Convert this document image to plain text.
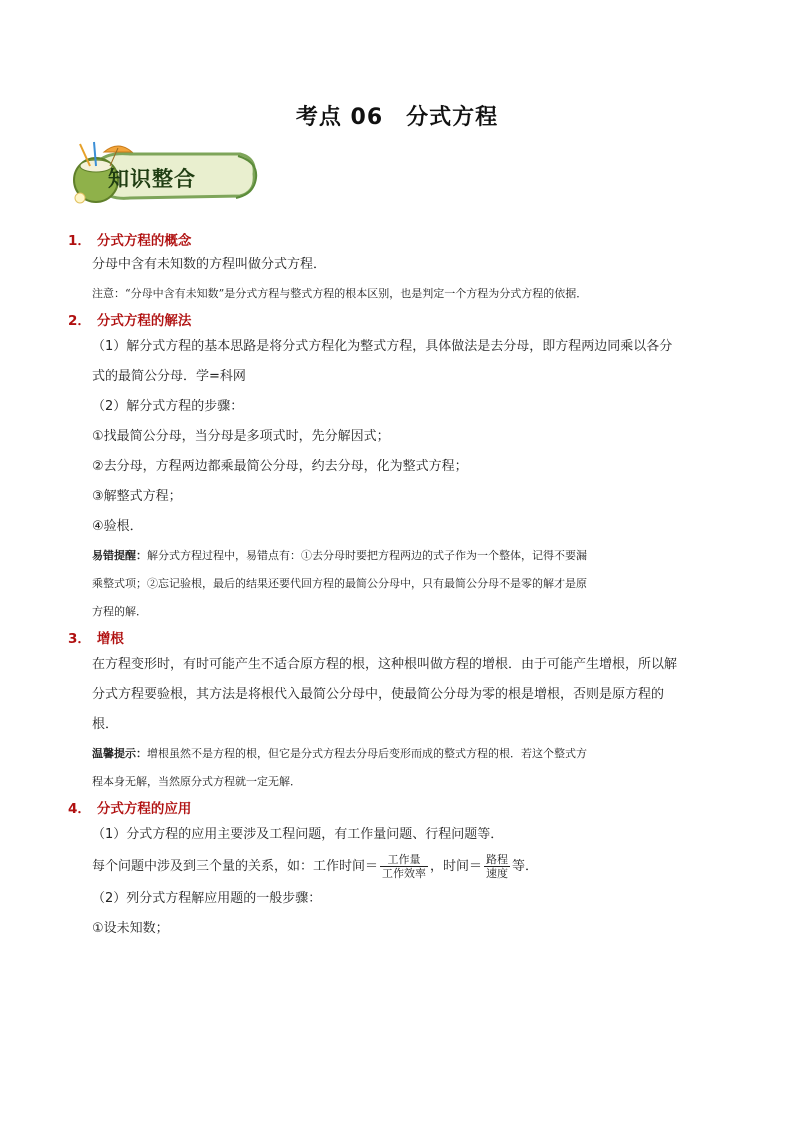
考点 06　分式方程
知识整合
1． 分式方程的概念

分母中含有未知数的方程叫做分式方程．

注意：“分母中含有未知数”是分式方程与整式方程的根本区别，也是判定一个方程为分式方程的依据．

2． 分式方程的解法

（1）解分式方程的基本思路是将分式方程化为整式方程，具体做法是去分母，即方程两边同乘以各分

式的最简公分母．学=科网

（2）解分式方程的步骤：

①找最简公分母，当分母是多项式时，先分解因式；

②去分母，方程两边都乘最简公分母，约去分母，化为整式方程；

③解整式方程；

④验根．

易错提醒：解分式方程过程中，易错点有：①去分母时要把方程两边的式子作为一个整体，记得不要漏

乘整式项；②忘记验根，最后的结果还要代回方程的最简公分母中，只有最简公分母不是零的解才是原

方程的解．

3． 增根

在方程变形时，有时可能产生不适合原方程的根，这种根叫做方程的增根．由于可能产生增根，所以解

分式方程要验根，其方法是将根代入最简公分母中，使最简公分母为零的根是增根，否则是原方程的

根．

温馨提示：增根虽然不是方程的根，但它是分式方程去分母后变形而成的整式方程的根．若这个整式方

程本身无解，当然原分式方程就一定无解．

4． 分式方程的应用

（1）分式方程的应用主要涉及工程问题，有工作量问题、行程问题等．

每个问题中涉及到三个量的关系，如：工作时间＝ $\frac{\text{工作量}}{\text{工作效率}}$ ，时间＝ $\frac{\text{路程}}{\text{速度}}$ 等．

（2）列分式方程解应用题的一般步骤：

①设未知数；
